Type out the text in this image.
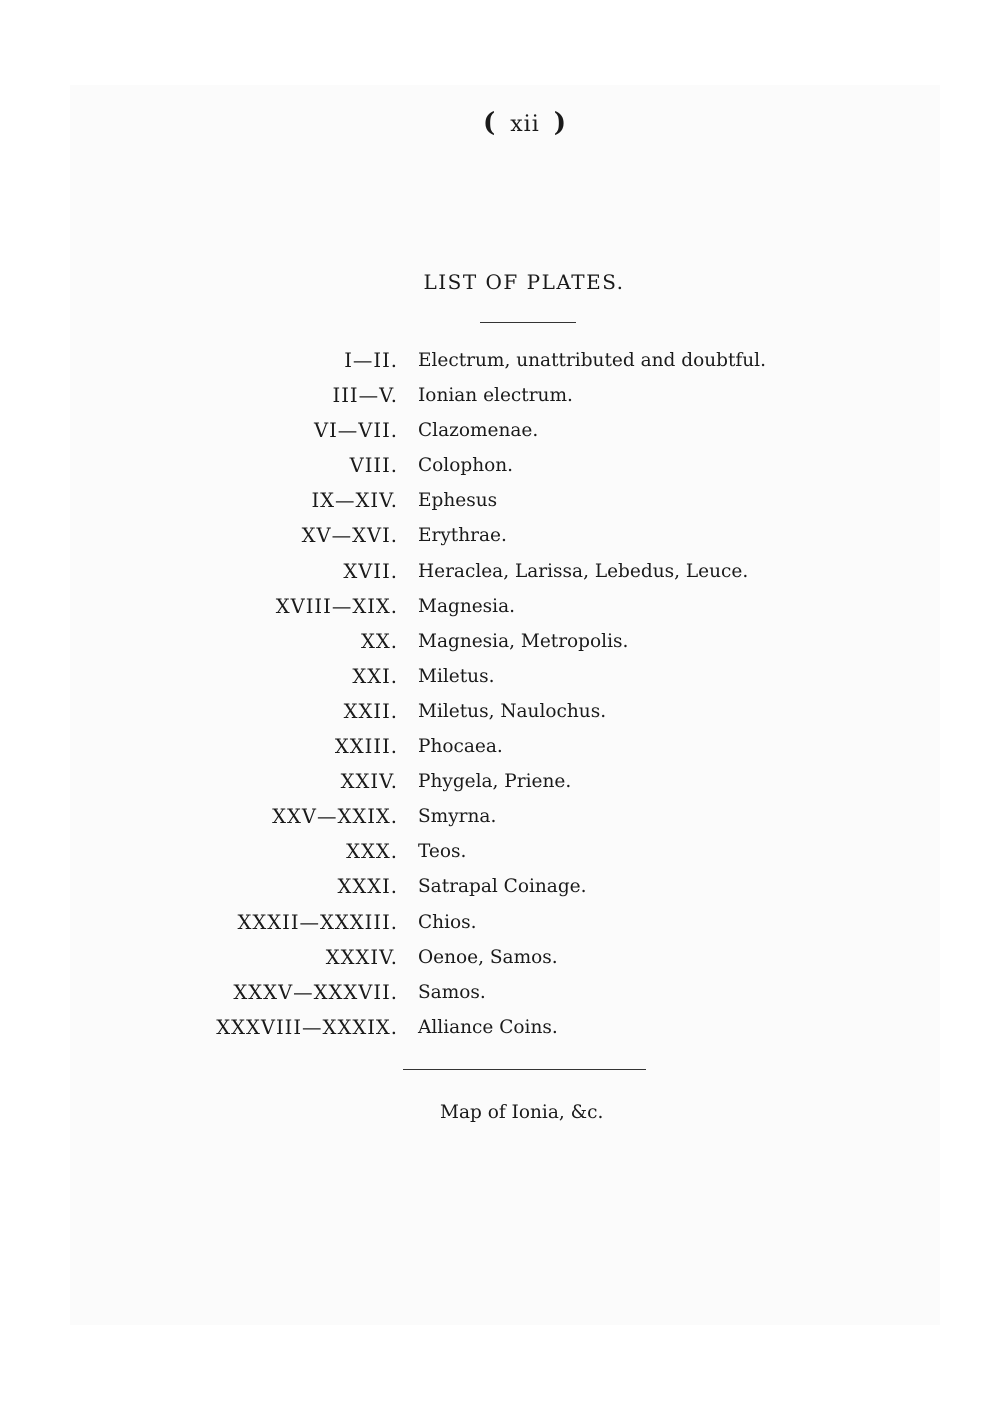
( xii )
LIST OF PLATES.
I—II. Electrum, unattributed and doubtful.
III—V. Ionian electrum.
VI—VII. Clazomenae.
VIII. Colophon.
IX—XIV. Ephesus
XV—XVI. Erythrae.
XVII. Heraclea, Larissa, Lebedus, Leuce.
XVIII—XIX. Magnesia.
XX. Magnesia, Metropolis.
XXI. Miletus.
XXII. Miletus, Naulochus.
XXIII. Phocaea.
XXIV. Phygela, Priene.
XXV—XXIX. Smyrna.
XXX. Teos.
XXXI. Satrapal Coinage.
XXXII—XXXIII. Chios.
XXXIV. Oenoe, Samos.
XXXV—XXXVII. Samos.
XXXVIII—XXXIX. Alliance Coins.
Map of Ionia, &c.
